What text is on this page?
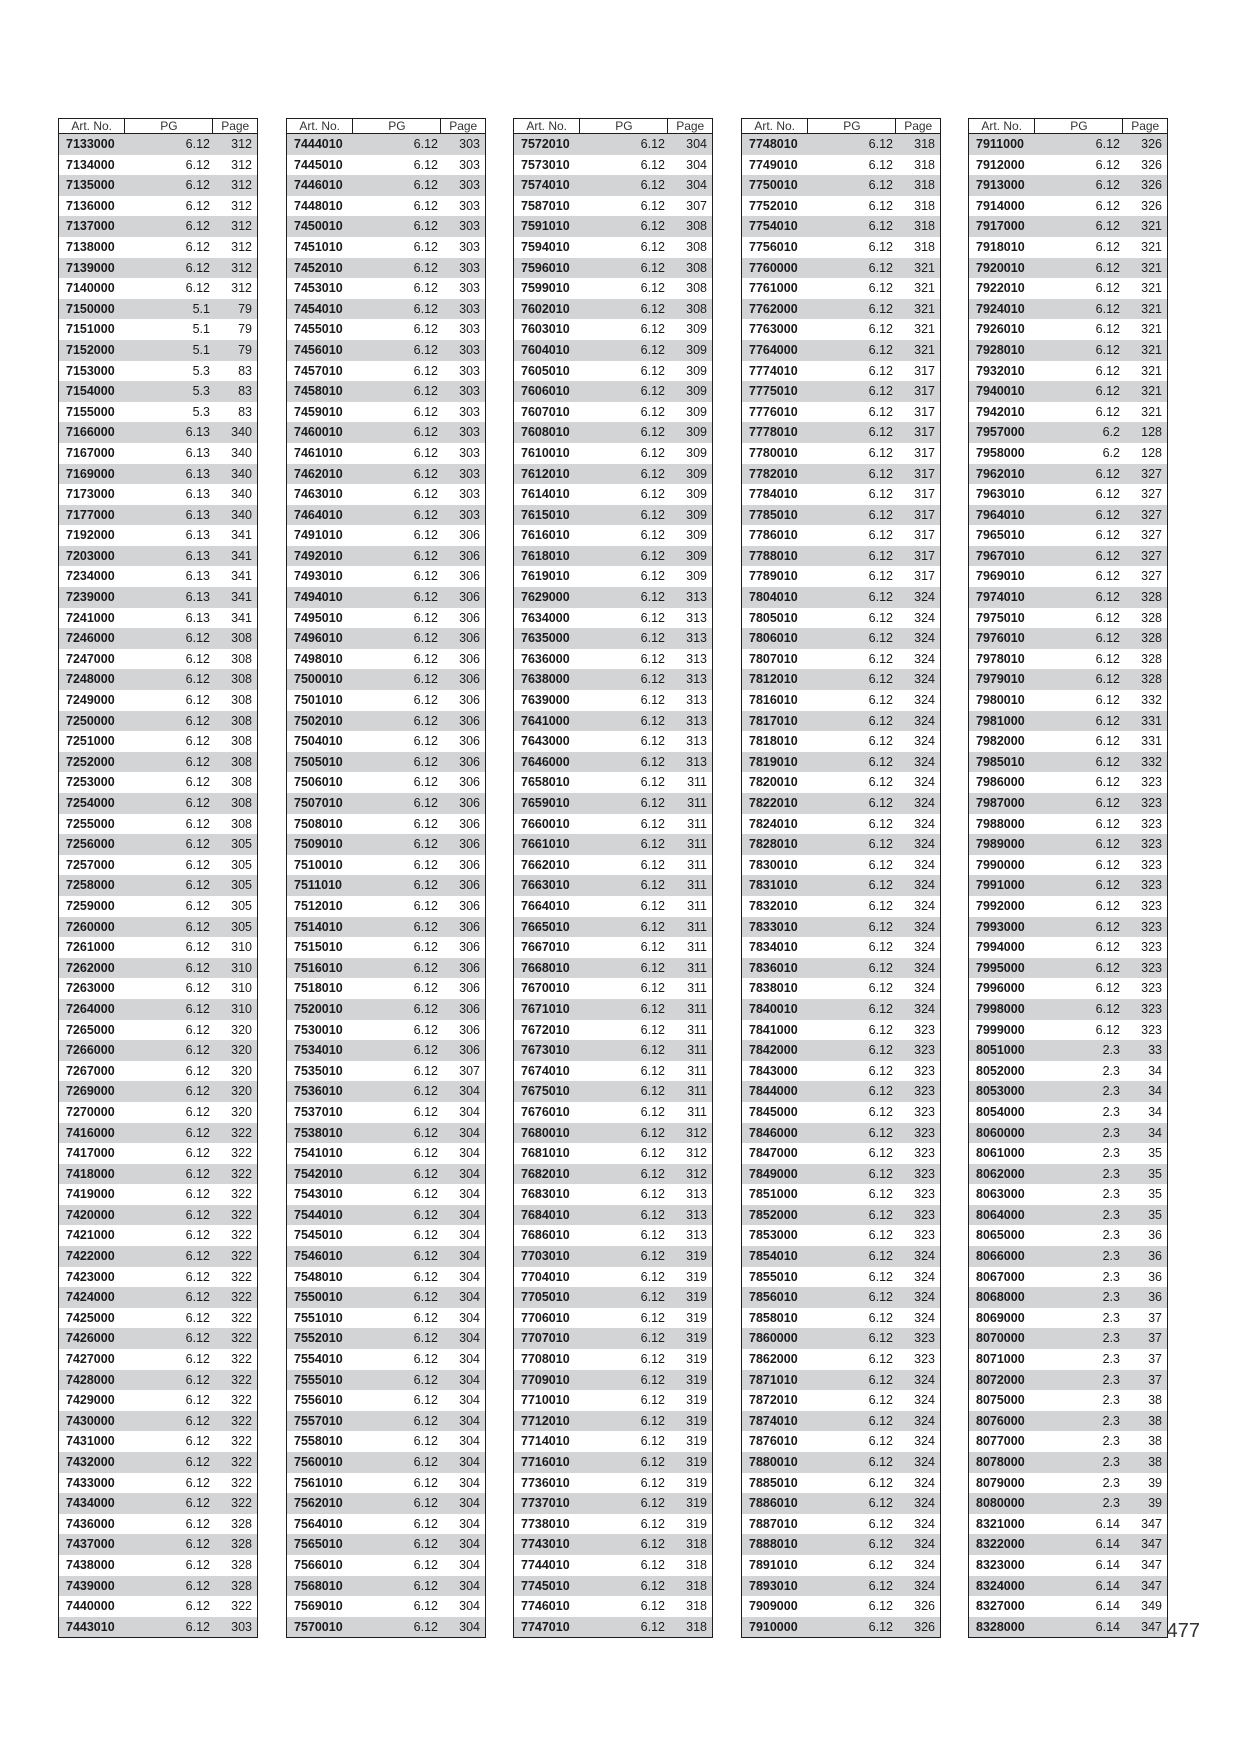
Art. No.	PG	Page
7133000	6.12	312
7134000	6.12	312
7135000	6.12	312
7136000	6.12	312
7137000	6.12	312
7138000	6.12	312
7139000	6.12	312
7140000	6.12	312
7150000	5.1	79
7151000	5.1	79
7152000	5.1	79
7153000	5.3	83
7154000	5.3	83
7155000	5.3	83
7166000	6.13	340
7167000	6.13	340
7169000	6.13	340
7173000	6.13	340
7177000	6.13	340
7192000	6.13	341
7203000	6.13	341
7234000	6.13	341
7239000	6.13	341
7241000	6.13	341
7246000	6.12	308
7247000	6.12	308
7248000	6.12	308
7249000	6.12	308
7250000	6.12	308
7251000	6.12	308
7252000	6.12	308
7253000	6.12	308
7254000	6.12	308
7255000	6.12	308
7256000	6.12	305
7257000	6.12	305
7258000	6.12	305
7259000	6.12	305
7260000	6.12	305
7261000	6.12	310
7262000	6.12	310
7263000	6.12	310
7264000	6.12	310
7265000	6.12	320
7266000	6.12	320
7267000	6.12	320
7269000	6.12	320
7270000	6.12	320
7416000	6.12	322
7417000	6.12	322
7418000	6.12	322
7419000	6.12	322
7420000	6.12	322
7421000	6.12	322
7422000	6.12	322
7423000	6.12	322
7424000	6.12	322
7425000	6.12	322
7426000	6.12	322
7427000	6.12	322
7428000	6.12	322
7429000	6.12	322
7430000	6.12	322
7431000	6.12	322
7432000	6.12	322
7433000	6.12	322
7434000	6.12	322
7436000	6.12	328
7437000	6.12	328
7438000	6.12	328
7439000	6.12	328
7440000	6.12	322
7443010	6.12	303
Art. No.	PG	Page
7444010	6.12	303
7445010	6.12	303
7446010	6.12	303
7448010	6.12	303
7450010	6.12	303
7451010	6.12	303
7452010	6.12	303
7453010	6.12	303
7454010	6.12	303
7455010	6.12	303
7456010	6.12	303
7457010	6.12	303
7458010	6.12	303
7459010	6.12	303
7460010	6.12	303
7461010	6.12	303
7462010	6.12	303
7463010	6.12	303
7464010	6.12	303
7491010	6.12	306
7492010	6.12	306
7493010	6.12	306
7494010	6.12	306
7495010	6.12	306
7496010	6.12	306
7498010	6.12	306
7500010	6.12	306
7501010	6.12	306
7502010	6.12	306
7504010	6.12	306
7505010	6.12	306
7506010	6.12	306
7507010	6.12	306
7508010	6.12	306
7509010	6.12	306
7510010	6.12	306
7511010	6.12	306
7512010	6.12	306
7514010	6.12	306
7515010	6.12	306
7516010	6.12	306
7518010	6.12	306
7520010	6.12	306
7530010	6.12	306
7534010	6.12	306
7535010	6.12	307
7536010	6.12	304
7537010	6.12	304
7538010	6.12	304
7541010	6.12	304
7542010	6.12	304
7543010	6.12	304
7544010	6.12	304
7545010	6.12	304
7546010	6.12	304
7548010	6.12	304
7550010	6.12	304
7551010	6.12	304
7552010	6.12	304
7554010	6.12	304
7555010	6.12	304
7556010	6.12	304
7557010	6.12	304
7558010	6.12	304
7560010	6.12	304
7561010	6.12	304
7562010	6.12	304
7564010	6.12	304
7565010	6.12	304
7566010	6.12	304
7568010	6.12	304
7569010	6.12	304
7570010	6.12	304
Art. No.	PG	Page
7572010	6.12	304
7573010	6.12	304
7574010	6.12	304
7587010	6.12	307
7591010	6.12	308
7594010	6.12	308
7596010	6.12	308
7599010	6.12	308
7602010	6.12	308
7603010	6.12	309
7604010	6.12	309
7605010	6.12	309
7606010	6.12	309
7607010	6.12	309
7608010	6.12	309
7610010	6.12	309
7612010	6.12	309
7614010	6.12	309
7615010	6.12	309
7616010	6.12	309
7618010	6.12	309
7619010	6.12	309
7629000	6.12	313
7634000	6.12	313
7635000	6.12	313
7636000	6.12	313
7638000	6.12	313
7639000	6.12	313
7641000	6.12	313
7643000	6.12	313
7646000	6.12	313
7658010	6.12	311
7659010	6.12	311
7660010	6.12	311
7661010	6.12	311
7662010	6.12	311
7663010	6.12	311
7664010	6.12	311
7665010	6.12	311
7667010	6.12	311
7668010	6.12	311
7670010	6.12	311
7671010	6.12	311
7672010	6.12	311
7673010	6.12	311
7674010	6.12	311
7675010	6.12	311
7676010	6.12	311
7680010	6.12	312
7681010	6.12	312
7682010	6.12	312
7683010	6.12	313
7684010	6.12	313
7686010	6.12	313
7703010	6.12	319
7704010	6.12	319
7705010	6.12	319
7706010	6.12	319
7707010	6.12	319
7708010	6.12	319
7709010	6.12	319
7710010	6.12	319
7712010	6.12	319
7714010	6.12	319
7716010	6.12	319
7736010	6.12	319
7737010	6.12	319
7738010	6.12	319
7743010	6.12	318
7744010	6.12	318
7745010	6.12	318
7746010	6.12	318
7747010	6.12	318
Art. No.	PG	Page
7748010	6.12	318
7749010	6.12	318
7750010	6.12	318
7752010	6.12	318
7754010	6.12	318
7756010	6.12	318
7760000	6.12	321
7761000	6.12	321
7762000	6.12	321
7763000	6.12	321
7764000	6.12	321
7774010	6.12	317
7775010	6.12	317
7776010	6.12	317
7778010	6.12	317
7780010	6.12	317
7782010	6.12	317
7784010	6.12	317
7785010	6.12	317
7786010	6.12	317
7788010	6.12	317
7789010	6.12	317
7804010	6.12	324
7805010	6.12	324
7806010	6.12	324
7807010	6.12	324
7812010	6.12	324
7816010	6.12	324
7817010	6.12	324
7818010	6.12	324
7819010	6.12	324
7820010	6.12	324
7822010	6.12	324
7824010	6.12	324
7828010	6.12	324
7830010	6.12	324
7831010	6.12	324
7832010	6.12	324
7833010	6.12	324
7834010	6.12	324
7836010	6.12	324
7838010	6.12	324
7840010	6.12	324
7841000	6.12	323
7842000	6.12	323
7843000	6.12	323
7844000	6.12	323
7845000	6.12	323
7846000	6.12	323
7847000	6.12	323
7849000	6.12	323
7851000	6.12	323
7852000	6.12	323
7853000	6.12	323
7854010	6.12	324
7855010	6.12	324
7856010	6.12	324
7858010	6.12	324
7860000	6.12	323
7862000	6.12	323
7871010	6.12	324
7872010	6.12	324
7874010	6.12	324
7876010	6.12	324
7880010	6.12	324
7885010	6.12	324
7886010	6.12	324
7887010	6.12	324
7888010	6.12	324
7891010	6.12	324
7893010	6.12	324
7909000	6.12	326
7910000	6.12	326
Art. No.	PG	Page
7911000	6.12	326
7912000	6.12	326
7913000	6.12	326
7914000	6.12	326
7917000	6.12	321
7918010	6.12	321
7920010	6.12	321
7922010	6.12	321
7924010	6.12	321
7926010	6.12	321
7928010	6.12	321
7932010	6.12	321
7940010	6.12	321
7942010	6.12	321
7957000	6.2	128
7958000	6.2	128
7962010	6.12	327
7963010	6.12	327
7964010	6.12	327
7965010	6.12	327
7967010	6.12	327
7969010	6.12	327
7974010	6.12	328
7975010	6.12	328
7976010	6.12	328
7978010	6.12	328
7979010	6.12	328
7980010	6.12	332
7981000	6.12	331
7982000	6.12	331
7985010	6.12	332
7986000	6.12	323
7987000	6.12	323
7988000	6.12	323
7989000	6.12	323
7990000	6.12	323
7991000	6.12	323
7992000	6.12	323
7993000	6.12	323
7994000	6.12	323
7995000	6.12	323
7996000	6.12	323
7998000	6.12	323
7999000	6.12	323
8051000	2.3	33
8052000	2.3	34
8053000	2.3	34
8054000	2.3	34
8060000	2.3	34
8061000	2.3	35
8062000	2.3	35
8063000	2.3	35
8064000	2.3	35
8065000	2.3	36
8066000	2.3	36
8067000	2.3	36
8068000	2.3	36
8069000	2.3	37
8070000	2.3	37
8071000	2.3	37
8072000	2.3	37
8075000	2.3	38
8076000	2.3	38
8077000	2.3	38
8078000	2.3	38
8079000	2.3	39
8080000	2.3	39
8321000	6.14	347
8322000	6.14	347
8323000	6.14	347
8324000	6.14	347
8327000	6.14	349
8328000	6.14	347 477
